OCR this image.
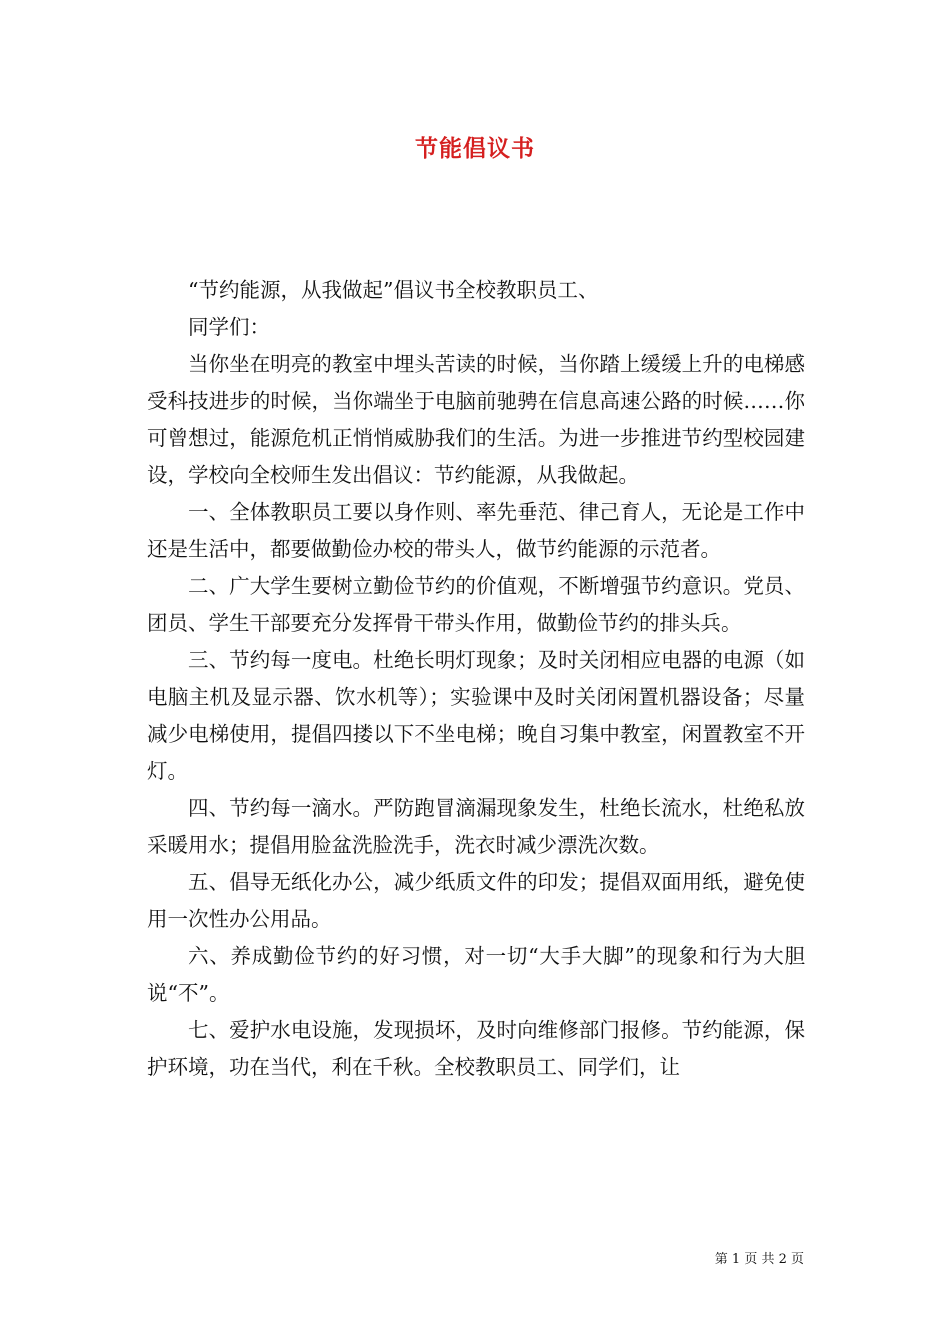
节能倡议书

“节约能源，从我做起”倡议书全校教职员工、

同学们：

当你坐在明亮的教室中埋头苦读的时候，当你踏上缓缓上升的电梯感受科技进步的时候，当你端坐于电脑前驰骋在信息高速公路的时候……你可曾想过，能源危机正悄悄威胁我们的生活。为进一步推进节约型校园建设，学校向全校师生发出倡议：节约能源，从我做起。

一、全体教职员工要以身作则、率先垂范、律己育人，无论是工作中还是生活中，都要做勤俭办校的带头人，做节约能源的示范者。

二、广大学生要树立勤俭节约的价值观，不断增强节约意识。党员、团员、学生干部要充分发挥骨干带头作用，做勤俭节约的排头兵。

三、节约每一度电。杜绝长明灯现象；及时关闭相应电器的电源（如电脑主机及显示器、饮水机等）；实验课中及时关闭闲置机器设备；尽量减少电梯使用，提倡四搂以下不坐电梯；晚自习集中教室，闲置教室不开灯。

四、节约每一滴水。严防跑冒滴漏现象发生，杜绝长流水，杜绝私放采暖用水；提倡用脸盆洗脸洗手，洗衣时减少漂洗次数。

五、倡导无纸化办公，减少纸质文件的印发；提倡双面用纸，避免使用一次性办公用品。

六、养成勤俭节约的好习惯，对一切“大手大脚”的现象和行为大胆说“不”。

七、爱护水电设施，发现损坏，及时向维修部门报修。节约能源，保护环境，功在当代，利在千秋。全校教职员工、同学们，让

第 1 页 共 2 页
